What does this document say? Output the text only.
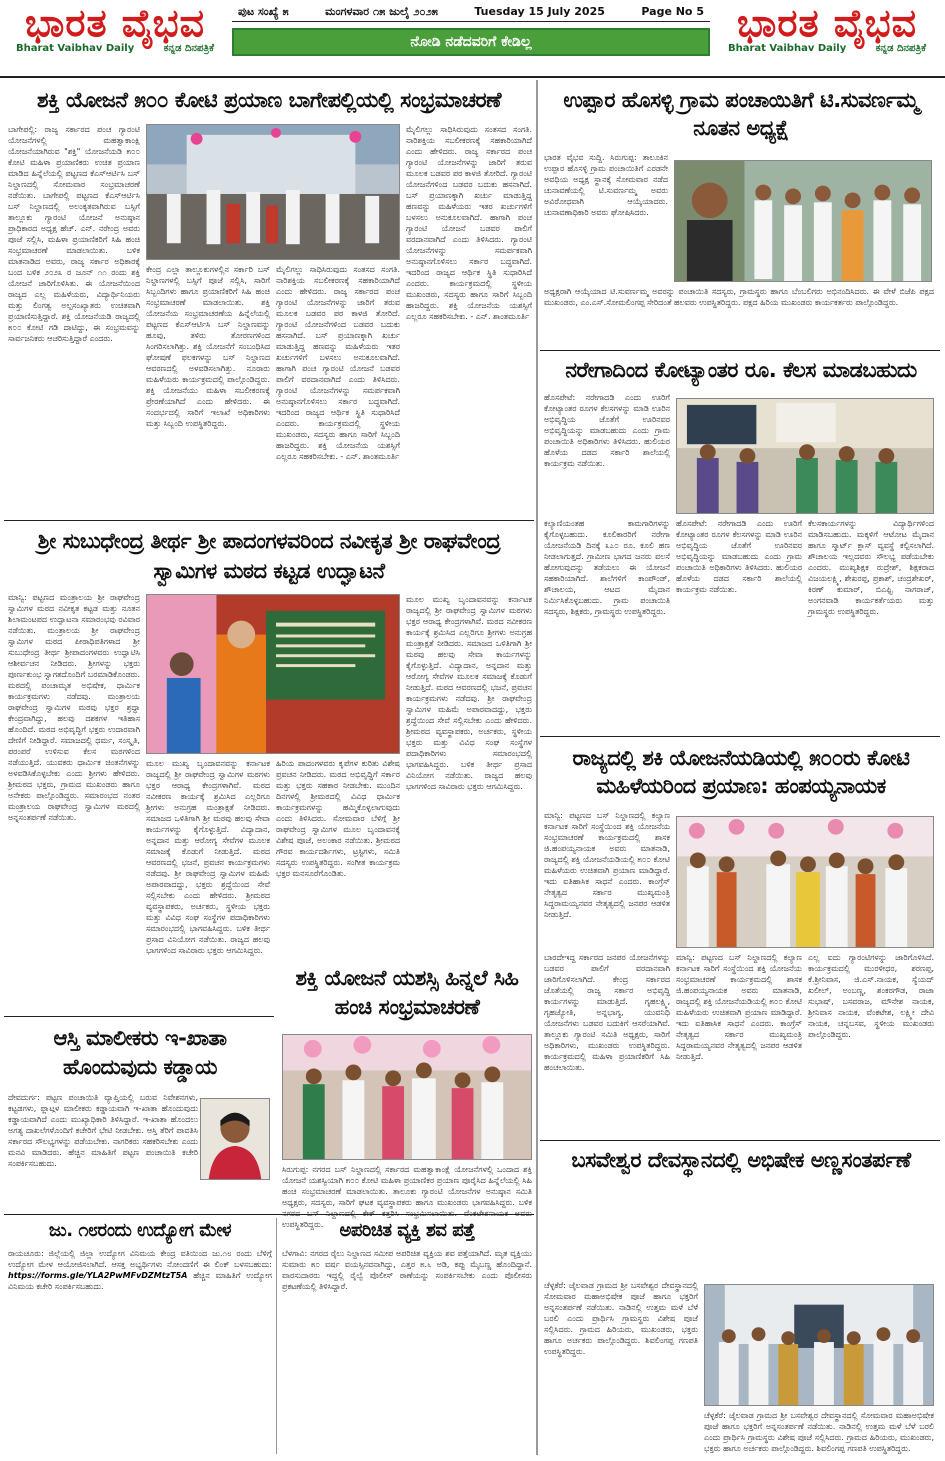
ಭಾರತ ವೈಭವ
Bharat Vaibhav Daily	ಕನ್ನಡ ದಿನಪತ್ರಿಕೆ
ಪುಟ ಸಂಖ್ಯೆ ೫	ಮಂಗಳವಾರ ೧೫ ಜುಲೈ ೨೦೨೫	Tuesday 15 July 2025	Page No 5
ನೋಡಿ ನಡೆದವರಿಗೆ ಕೇಡಿಲ್ಲ	ಭಾರತ ವೈಭವ
Bharat Vaibhav Daily	ಕನ್ನಡ ದಿನಪತ್ರಿಕೆ
ಶಕ್ತಿ ಯೋಜನೆ ೫೦೦ ಕೋಟಿ ಪ್ರಯಾಣ ಬಾಗೇಪಲ್ಲಿಯಲ್ಲಿ ಸಂಭ್ರಮಾಚರಣೆ
ಬಾಗೇಪಲ್ಲಿ: ರಾಜ್ಯ ಸರ್ಕಾರದ ಪಂಚ ಗ್ಯಾರಂಟಿ ಯೋಜನೆಗಳಲ್ಲಿ ಮಹತ್ವಾಕಾಂಕ್ಷಿ ಯೋಜನೆಯಾಗಿರುವ "ಶಕ್ತಿ" ಯೋಜನೆಯಡಿ ೫೦೦ ಕೋಟಿ ಮಹಿಳಾ ಪ್ರಯಾಣಿಕರು ಉಚಿತ ಪ್ರಯಾಣ ಮಾಡಿದ ಹಿನ್ನೆಲೆಯಲ್ಲಿ ಪಟ್ಟಣದ ಕೆಎಸ್ಆರ್ಟಿಸಿ ಬಸ್ ನಿಲ್ದಾಣದಲ್ಲಿ ಸೋಮವಾರ ಸಂಭ್ರಮಾಚರಣೆ ನಡೆಯಿತು. ಬಾಗೇಪಲ್ಲಿ ಪಟ್ಟಣದ ಕೆಎಸ್ಆರ್ಟಿಸಿ ಬಸ್ ನಿಲ್ದಾಣದಲ್ಲಿ ಅಲಂಕೃತವಾಗಿರುವ ಬಸ್ಸಿಗೆ ತಾಲ್ಲೂಕು ಗ್ಯಾರಂಟಿ ಯೋಜನೆ ಅನುಷ್ಠಾನ ಪ್ರಾಧಿಕಾರದ ಅಧ್ಯಕ್ಷ ಹೆಚ್. ಎನ್. ನರೇಂದ್ರ ಅವರು ಪೂಜೆ ಸಲ್ಲಿಸಿ, ಮಹಿಳಾ ಪ್ರಯಾಣಿಕರಿಗೆ ಸಿಹಿ ಹಂಚಿ ಸಂಭ್ರಮಾಚರಣೆ ಮಾಡಲಾಯಿತು. ಬಳಿಕ ಮಾತನಾಡಿದ ಅವರು, ರಾಜ್ಯ ಸರ್ಕಾರ ಅಧಿಕಾರಕ್ಕೆ ಬಂದ ಬಳಿಕ ೨೦೨೩ ರ ಜೂನ್ ೧೧ ರಂದು ಶಕ್ತಿ ಯೋಜನೆ ಜಾರಿಗೊಳಿಸಿತು. ಈ ಯೋಜನೆಯಿಂದ ರಾಜ್ಯದ ಎಲ್ಲ ಮಹಿಳೆಯರು, ವಿದ್ಯಾರ್ಥಿನಿಯರು ಮತ್ತು ಲಿಂಗತ್ವ ಅಲ್ಪಸಂಖ್ಯಾತರು ಉಚಿತವಾಗಿ ಪ್ರಯಾಣಿಸುತ್ತಿದ್ದಾರೆ. ಶಕ್ತಿ ಯೋಜನೆಯಡಿ ರಾಜ್ಯದಲ್ಲಿ ೫೦೦ ಕೋಟಿ ಗಡಿ ದಾಟಿದ್ದು, ಈ ಸಂಭ್ರಮವನ್ನು ಸಾರ್ವಜನಿಕರು ಆಚರಿಸುತ್ತಿದ್ದಾರೆ ಎಂದರು.
ಕೇಂದ್ರ ಎಲ್ಲಾ ತಾಲ್ಲೂಕುಗಳಲ್ಲಿನ ಸರ್ಕಾರಿ ಬಸ್ ನಿಲ್ದಾಣಗಳಲ್ಲಿ ಬಸ್ಸಿಗೆ ಪೂಜೆ ಸಲ್ಲಿಸಿ, ಸಾರಿಗೆ ಸಿಬ್ಬಂದಿಗಳು ಹಾಗೂ ಪ್ರಯಾಣಿಕರಿಗೆ ಸಿಹಿ ಹಂಚಿ ಸಂಭ್ರಮಾಚರಣೆ ಮಾಡಲಾಯಿತು. ಶಕ್ತಿ ಯೋಜನೆಯ ಸಂಭ್ರಮಾಚರಣೆಯ ಹಿನ್ನೆಲೆಯಲ್ಲಿ ಪಟ್ಟಣದ ಕೆಎಸ್ಆರ್ಟಿಸಿ ಬಸ್ ನಿಲ್ದಾಣವನ್ನು ಹೂವು, ತಳಿರು ತೋರಣಗಳಿಂದ ಸಿಂಗರಿಸಲಾಗಿತ್ತು. ಶಕ್ತಿ ಯೋಜನೆಗೆ ಸಂಬಂಧಿಸಿದ ಘೋಷಣೆ ಫಲಕಗಳನ್ನು ಬಸ್ ನಿಲ್ದಾಣದ ಆವರಣದಲ್ಲಿ ಅಳವಡಿಸಲಾಗಿತ್ತು. ನೂರಾರು ಮಹಿಳೆಯರು ಕಾರ್ಯಕ್ರಮದಲ್ಲಿ ಪಾಲ್ಗೊಂಡಿದ್ದರು. ಶಕ್ತಿ ಯೋಜನೆಯು ಮಹಿಳಾ ಸಬಲೀಕರಣಕ್ಕೆ ಪ್ರೇರಣೆಯಾಗಿದೆ ಎಂದು ಹೇಳಿದರು. ಈ ಸಂದರ್ಭದಲ್ಲಿ ಸಾರಿಗೆ ಇಲಾಖೆ ಅಧಿಕಾರಿಗಳು ಮತ್ತು ಸಿಬ್ಬಂದಿ ಉಪಸ್ಥಿತರಿದ್ದರು.
ಮೈಲಿಗಲ್ಲು ಸಾಧಿಸಿರುವುದು ಸಂತಸದ ಸಂಗತಿ. ನಾರಿಶಕ್ತಿಯ ಸಬಲೀಕರಣಕ್ಕೆ ಸಹಕಾರಿಯಾಗಿದೆ ಎಂದು ಹೇಳಿದರು. ರಾಜ್ಯ ಸರ್ಕಾರದ ಪಂಚ ಗ್ಯಾರಂಟಿ ಯೋಜನೆಗಳನ್ನು ಜಾರಿಗೆ ತರುವ ಮೂಲಕ ಬಡವರ ಪರ ಕಾಳಜಿ ತೋರಿದೆ. ಗ್ಯಾರಂಟಿ ಯೋಜನೆಗಳಿಂದ ಬಡವರ ಬದುಕು ಹಸನಾಗಿದೆ. ಬಸ್ ಪ್ರಯಾಣಕ್ಕಾಗಿ ಖರ್ಚು ಮಾಡುತ್ತಿದ್ದ ಹಣವನ್ನು ಮಹಿಳೆಯರು ಇತರ ಖರ್ಚುಗಳಿಗೆ ಬಳಸಲು ಅನುಕೂಲವಾಗಿದೆ. ಹಾಗಾಗಿ ಪಂಚ ಗ್ಯಾರಂಟಿ ಯೋಜನೆ ಬಡವರ ಪಾಲಿಗೆ ವರದಾನವಾಗಿದೆ ಎಂದು ತಿಳಿಸಿದರು. ಗ್ಯಾರಂಟಿ ಯೋಜನೆಗಳನ್ನು ಸಮರ್ಪಕವಾಗಿ ಅನುಷ್ಠಾನಗೊಳಿಸಲು ಸರ್ಕಾರ ಬದ್ಧವಾಗಿದೆ. ಇದರಿಂದ ರಾಜ್ಯದ ಆರ್ಥಿಕ ಸ್ಥಿತಿ ಸುಧಾರಿಸಿದೆ ಎಂದರು. ಕಾರ್ಯಕ್ರಮದಲ್ಲಿ ಸ್ಥಳೀಯ ಮುಖಂಡರು, ಸದಸ್ಯರು ಹಾಗೂ ಸಾರಿಗೆ ಸಿಬ್ಬಂದಿ ಹಾಜರಿದ್ದರು. ಶಕ್ತಿ ಯೋಜನೆಯ ಯಶಸ್ಸಿಗೆ ಎಲ್ಲರೂ ಸಹಕರಿಸಬೇಕು. - ಎನ್. ಶಾಂತಮೂರ್ತಿ
ಮೈಲಿಗಲ್ಲು ಸಾಧಿಸಿರುವುದು ಸಂತಸದ ಸಂಗತಿ. ನಾರಿಶಕ್ತಿಯ ಸಬಲೀಕರಣಕ್ಕೆ ಸಹಕಾರಿಯಾಗಿದೆ ಎಂದು ಹೇಳಿದರು. ರಾಜ್ಯ ಸರ್ಕಾರದ ಪಂಚ ಗ್ಯಾರಂಟಿ ಯೋಜನೆಗಳನ್ನು ಜಾರಿಗೆ ತರುವ ಮೂಲಕ ಬಡವರ ಪರ ಕಾಳಜಿ ತೋರಿದೆ. ಗ್ಯಾರಂಟಿ ಯೋಜನೆಗಳಿಂದ ಬಡವರ ಬದುಕು ಹಸನಾಗಿದೆ. ಬಸ್ ಪ್ರಯಾಣಕ್ಕಾಗಿ ಖರ್ಚು ಮಾಡುತ್ತಿದ್ದ ಹಣವನ್ನು ಮಹಿಳೆಯರು ಇತರ ಖರ್ಚುಗಳಿಗೆ ಬಳಸಲು ಅನುಕೂಲವಾಗಿದೆ. ಹಾಗಾಗಿ ಪಂಚ ಗ್ಯಾರಂಟಿ ಯೋಜನೆ ಬಡವರ ಪಾಲಿಗೆ ವರದಾನವಾಗಿದೆ ಎಂದು ತಿಳಿಸಿದರು. ಗ್ಯಾರಂಟಿ ಯೋಜನೆಗಳನ್ನು ಸಮರ್ಪಕವಾಗಿ ಅನುಷ್ಠಾನಗೊಳಿಸಲು ಸರ್ಕಾರ ಬದ್ಧವಾಗಿದೆ. ಇದರಿಂದ ರಾಜ್ಯದ ಆರ್ಥಿಕ ಸ್ಥಿತಿ ಸುಧಾರಿಸಿದೆ ಎಂದರು. ಕಾರ್ಯಕ್ರಮದಲ್ಲಿ ಸ್ಥಳೀಯ ಮುಖಂಡರು, ಸದಸ್ಯರು ಹಾಗೂ ಸಾರಿಗೆ ಸಿಬ್ಬಂದಿ ಹಾಜರಿದ್ದರು. ಶಕ್ತಿ ಯೋಜನೆಯ ಯಶಸ್ಸಿಗೆ ಎಲ್ಲರೂ ಸಹಕರಿಸಬೇಕು. - ಎನ್. ಶಾಂತಮೂರ್ತಿ
ಉಪ್ಪಾರ ಹೊಸಳ್ಳಿ ಗ್ರಾಮ ಪಂಚಾಯಿತಿಗೆ ಟಿ.ಸುವರ್ಣಮ್ಮ ನೂತನ ಅಧ್ಯಕ್ಷೆ
ಭಾರತ ವೈಭವ ಸುದ್ದಿ. ಸಿರುಗುಪ್ಪ: ತಾಲೂಕಿನ ಉಪ್ಪಾರ ಹೊಸಳ್ಳಿ ಗ್ರಾಮ ಪಂಚಾಯಿತಿಗೆ ಎರಡನೇ ಅವಧಿಯ ಅಧ್ಯಕ್ಷ ಸ್ಥಾನಕ್ಕೆ ಸೋಮವಾರ ನಡೆದ ಚುನಾವಣೆಯಲ್ಲಿ ಟಿ.ಸುವರ್ಣಮ್ಮ ಅವರು ಅವಿರೋಧವಾಗಿ ಆಯ್ಕೆಯಾದರು. ಚುನಾವಣಾಧಿಕಾರಿ ಅವರು ಘೋಷಿಸಿದರು.
ಅಧ್ಯಕ್ಷರಾಗಿ ಆಯ್ಕೆಯಾದ ಟಿ.ಸುವರ್ಣಮ್ಮ ಅವರನ್ನು ಪಂಚಾಯಿತಿ ಸದಸ್ಯರು, ಗ್ರಾಮಸ್ಥರು ಹಾಗೂ ಬೆಂಬಲಿಗರು ಅಭಿನಂದಿಸಿದರು. ಈ ವೇಳೆ ಬಿಜೆಪಿ ಪಕ್ಷದ ಮುಖಂಡರು, ಎಂ.ಎಸ್.ಸೋಮಲಿಂಗಪ್ಪ ಸೇರಿದಂತೆ ಹಲವರು ಉಪಸ್ಥಿತರಿದ್ದರು. ಪಕ್ಷದ ಹಿರಿಯ ಮುಖಂಡರು ಕಾರ್ಯಕರ್ತರು ಪಾಲ್ಗೊಂಡಿದ್ದರು.
ನರೇಗಾದಿಂದ ಕೋಟ್ಯಾಂತರ ರೂ. ಕೆಲಸ ಮಾಡಬಹುದು
ಹೊಸಪೇಟೆ: ನರೇಗಾದಡಿ ಎಂದು ಊರಿಗೆ ಕೋಟ್ಯಾಂತರ ರೂಗಳ ಕೆಲಸಗಳನ್ನು ಮಾಡಿ ಊರಿನ ಅಭಿವೃದ್ಧಿಯ ಜೊತೆಗೆ ಊರಿನವರ ಅಭಿವೃದ್ಧಿಯನ್ನು ಮಾಡಬಹುದು ಎಂದು ಗ್ರಾಮ ಪಂಚಾಯಿತಿ ಅಧಿಕಾರಿಗಳು ತಿಳಿಸಿದರು. ಹುಲಿಯರ ಹೊಳೆಯ ದಡದ ಸರ್ಕಾರಿ ಶಾಲೆಯಲ್ಲಿ ಕಾರ್ಯಕ್ರಮ ನಡೆಯಿತು.
ಕಲ್ಯಾಣಿಯಂತಹ ಕಾಮಗಾರಿಗಳನ್ನು ಕೈಗೊಳ್ಳಬಹುದು. ಕೂಲಿಕಾರರಿಗೆ ನರೇಗಾ ಯೋಜನೆಯಡಿ ದಿನಕ್ಕೆ ೩೭೦ ರೂ. ಕೂಲಿ ಹಣ ನೀಡಲಾಗುತ್ತದೆ. ಗ್ರಾಮೀಣ ಭಾಗದ ಜನರು ವಲಸೆ ಹೋಗುವುದನ್ನು ತಡೆಯಲು ಈ ಯೋಜನೆ ಸಹಕಾರಿಯಾಗಿದೆ. ಶಾಲೆಗಳಿಗೆ ಕಾಂಪೌಂಡ್, ಶೌಚಾಲಯ, ಆಟದ ಮೈದಾನ ನಿರ್ಮಿಸಿಕೊಳ್ಳಬಹುದು. ಗ್ರಾಮ ಪಂಚಾಯಿತಿ ಸದಸ್ಯರು, ಶಿಕ್ಷಕರು, ಗ್ರಾಮಸ್ಥರು ಉಪಸ್ಥಿತರಿದ್ದರು.
ಹೊಸಪೇಟೆ: ನರೇಗಾದಡಿ ಎಂದು ಊರಿಗೆ ಕೋಟ್ಯಾಂತರ ರೂಗಳ ಕೆಲಸಗಳನ್ನು ಮಾಡಿ ಊರಿನ ಅಭಿವೃದ್ಧಿಯ ಜೊತೆಗೆ ಊರಿನವರ ಅಭಿವೃದ್ಧಿಯನ್ನು ಮಾಡಬಹುದು ಎಂದು ಗ್ರಾಮ ಪಂಚಾಯಿತಿ ಅಧಿಕಾರಿಗಳು ತಿಳಿಸಿದರು. ಹುಲಿಯರ ಹೊಳೆಯ ದಡದ ಸರ್ಕಾರಿ ಶಾಲೆಯಲ್ಲಿ ಕಾರ್ಯಕ್ರಮ ನಡೆಯಿತು.
ಕೆಲಸಕಾರ್ಯಗಳನ್ನು ವಿದ್ಯಾರ್ಥಿಗಳಿಂದ ಮಾಡಿಸಬಹುದು. ಮಕ್ಕಳಿಗೆ ಆಟೋಟ ಮೈದಾನ ಹಾಗೂ ಸ್ಮಾರ್ಟ್ ಕ್ಲಾಸ್ ವ್ಯವಸ್ಥೆ ಕಲ್ಪಿಸಲಾಗಿದೆ. ಶೌಚಾಲಯ ಇಲ್ಲದವರು ಸೌಲಭ್ಯ ಪಡೆಯಬೇಕು ಎಂದರು. ಮುಖ್ಯಶಿಕ್ಷಕ ರುದ್ರೇಶ್, ಶಿಕ್ಷಕರಾದ ವಿಜಯಲಕ್ಷ್ಮಿ, ಶೇಖರಪ್ಪ, ಪ್ರಕಾಶ್, ಚಂದ್ರಶೇಖರ್, ಕಿರಣ್ ಕುಮಾರ್, ಬಿಎಫ್ಟಿ ನಾಗರಾಜ್, ಅಂಗನವಾಡಿ ಕಾರ್ಯಕರ್ತೆಯರು ಮತ್ತು ಗ್ರಾಮಸ್ಥರು ಉಪಸ್ಥಿತರಿದ್ದರು.
ಶ್ರೀ ಸುಬುಧೇಂದ್ರ ತೀರ್ಥ ಶ್ರೀ ಪಾದಂಗಳವರಿಂದ ನವೀಕೃತ ಶ್ರೀ ರಾಘವೇಂದ್ರ ಸ್ವಾಮಿಗಳ ಮಠದ ಕಟ್ಟಡ ಉದ್ಘಾಟನೆ
ಮಾನ್ವಿ: ಪಟ್ಟಣದ ಮಂತ್ರಾಲಯ ಶ್ರೀ ರಾಘವೇಂದ್ರ ಸ್ವಾಮಿಗಳ ಮಠದ ನವೀಕೃತ ಕಟ್ಟಡ ಮತ್ತು ನೂತನ ಶಿಲಾಮಂಟಪದ ಉದ್ಘಾಟನಾ ಸಮಾರಂಭವು ರವಿವಾರ ನಡೆಯಿತು. ಮಂತ್ರಾಲಯ ಶ್ರೀ ರಾಘವೇಂದ್ರ ಸ್ವಾಮಿಗಳ ಮಠದ ಪೀಠಾಧಿಪತಿಗಳಾದ ಶ್ರೀ ಸುಬುಧೇಂದ್ರ ತೀರ್ಥ ಶ್ರೀಪಾದಂಗಳವರು ಉದ್ಘಾಟಿಸಿ ಆಶೀರ್ವಚನ ನೀಡಿದರು. ಶ್ರೀಗಳನ್ನು ಭಕ್ತರು ಪೂರ್ಣಕುಂಭ ಸ್ವಾಗತದೊಂದಿಗೆ ಬರಮಾಡಿಕೊಂಡರು. ಮಠದಲ್ಲಿ ಪಂಚಾಮೃತ ಅಭಿಷೇಕ, ಧಾರ್ಮಿಕ ಕಾರ್ಯಕ್ರಮಗಳು ನಡೆದವು. ಮಂತ್ರಾಲಯ ರಾಘವೇಂದ್ರ ಸ್ವಾಮಿಗಳ ಮಠವು ಭಕ್ತರ ಶ್ರದ್ಧಾ ಕೇಂದ್ರವಾಗಿದ್ದು, ಹಲವು ದಶಕಗಳ ಇತಿಹಾಸ ಹೊಂದಿದೆ. ಮಠದ ಅಭಿವೃದ್ಧಿಗೆ ಭಕ್ತರು ಉದಾರವಾಗಿ ದೇಣಿಗೆ ನೀಡಿದ್ದಾರೆ. ಸಮಾಜದಲ್ಲಿ ಧರ್ಮ, ಸಂಸ್ಕೃತಿ, ಪರಂಪರೆ ಉಳಿಸುವ ಕೆಲಸ ಮಠಗಳಿಂದ ನಡೆಯುತ್ತಿದೆ. ಯುವಕರು ಧಾರ್ಮಿಕ ಚಿಂತನೆಗಳನ್ನು ಅಳವಡಿಸಿಕೊಳ್ಳಬೇಕು ಎಂದು ಶ್ರೀಗಳು ಹೇಳಿದರು. ಶ್ರೀಮಠದ ಭಕ್ತರು, ಗ್ರಾಮದ ಮುಖಂಡರು ಹಾಗೂ ಅನೇಕರು ಪಾಲ್ಗೊಂಡಿದ್ದರು. ಸಮಾರಂಭದ ನಂತರ ಮಂತ್ರಾಲಯ ರಾಘವೇಂದ್ರ ಸ್ವಾಮಿಗಳ ಮಠದಲ್ಲಿ ಅನ್ನಸಂತರ್ಪಣೆ ನಡೆಯಿತು.
ಮೂಲ ಮುಖ್ಯ ಬೃಂದಾವನವನ್ನು ಕರ್ನಾಟಕ ರಾಜ್ಯದಲ್ಲಿ ಶ್ರೀ ರಾಘವೇಂದ್ರ ಸ್ವಾಮಿಗಳ ಮಠಗಳು ಭಕ್ತರ ಆರಾಧ್ಯ ಕೇಂದ್ರಗಳಾಗಿವೆ. ಮಠದ ನವೀಕರಣ ಕಾರ್ಯಕ್ಕೆ ಶ್ರಮಿಸಿದ ಎಲ್ಲರಿಗೂ ಶ್ರೀಗಳು ಅನುಗ್ರಹ ಮಂತ್ರಾಕ್ಷತೆ ನೀಡಿದರು. ಸಮಾಜದ ಒಳಿತಿಗಾಗಿ ಶ್ರೀ ಮಠವು ಹಲವು ಸೇವಾ ಕಾರ್ಯಗಳನ್ನು ಕೈಗೊಳ್ಳುತ್ತಿದೆ. ವಿದ್ಯಾದಾನ, ಅನ್ನದಾನ ಮತ್ತು ಆರೋಗ್ಯ ಸೇವೆಗಳ ಮೂಲಕ ಸಮಾಜಕ್ಕೆ ಕೊಡುಗೆ ನೀಡುತ್ತಿದೆ. ಮಠದ ಆವರಣದಲ್ಲಿ ಭಜನೆ, ಪ್ರವಚನ ಕಾರ್ಯಕ್ರಮಗಳು ನಡೆದವು. ಶ್ರೀ ರಾಘವೇಂದ್ರ ಸ್ವಾಮಿಗಳ ಮಹಿಮೆ ಅಪಾರವಾದದ್ದು, ಭಕ್ತರು ಶ್ರದ್ಧೆಯಿಂದ ಸೇವೆ ಸಲ್ಲಿಸಬೇಕು ಎಂದು ಹೇಳಿದರು. ಶ್ರೀಮಠದ ವ್ಯವಸ್ಥಾಪಕರು, ಅರ್ಚಕರು, ಸ್ಥಳೀಯ ಭಕ್ತರು ಮತ್ತು ವಿವಿಧ ಸಂಘ ಸಂಸ್ಥೆಗಳ ಪದಾಧಿಕಾರಿಗಳು ಸಮಾರಂಭದಲ್ಲಿ ಭಾಗವಹಿಸಿದ್ದರು. ಬಳಿಕ ತೀರ್ಥ ಪ್ರಸಾದ ವಿನಿಯೋಗ ನಡೆಯಿತು. ರಾಜ್ಯದ ಹಲವು ಭಾಗಗಳಿಂದ ಸಾವಿರಾರು ಭಕ್ತರು ಆಗಮಿಸಿದ್ದರು.
ಹಿರಿಯ ಪಾದಂಗಳವರು ಕೃಪೆಗಳ ಕುರಿತು ವಿಶೇಷ ಪ್ರವಚನ ನೀಡಿದರು. ಮಠದ ಅಭಿವೃದ್ಧಿಗೆ ಸರ್ಕಾರ ಮತ್ತು ಭಕ್ತರು ಸಹಕಾರ ನೀಡಬೇಕು. ಮುಂದಿನ ದಿನಗಳಲ್ಲಿ ಶ್ರೀಮಠದಲ್ಲಿ ವಿವಿಧ ಧಾರ್ಮಿಕ ಕಾರ್ಯಕ್ರಮಗಳನ್ನು ಹಮ್ಮಿಕೊಳ್ಳಲಾಗುವುದು ಎಂದು ತಿಳಿಸಿದರು. ಸೋಮವಾರ ಬೆಳಿಗ್ಗೆ ಶ್ರೀ ರಾಘವೇಂದ್ರ ಸ್ವಾಮಿಗಳ ಮೂಲ ಬೃಂದಾವನಕ್ಕೆ ವಿಶೇಷ ಪೂಜೆ, ಅಲಂಕಾರ ನಡೆಯಿತು. ಶ್ರೀಮಠದ ಗೌರವ ಕಾರ್ಯದರ್ಶಿಗಳು, ಟ್ರಸ್ಟಿಗಳು, ಸಮಿತಿ ಸದಸ್ಯರು ಉಪಸ್ಥಿತರಿದ್ದರು. ಸಂಗೀತ ಕಾರ್ಯಕ್ರಮ ಭಕ್ತರ ಮನಸೂರೆಗೊಂಡಿತು.
ಮೂಲ ಮುಖ್ಯ ಬೃಂದಾವನವನ್ನು ಕರ್ನಾಟಕ ರಾಜ್ಯದಲ್ಲಿ ಶ್ರೀ ರಾಘವೇಂದ್ರ ಸ್ವಾಮಿಗಳ ಮಠಗಳು ಭಕ್ತರ ಆರಾಧ್ಯ ಕೇಂದ್ರಗಳಾಗಿವೆ. ಮಠದ ನವೀಕರಣ ಕಾರ್ಯಕ್ಕೆ ಶ್ರಮಿಸಿದ ಎಲ್ಲರಿಗೂ ಶ್ರೀಗಳು ಅನುಗ್ರಹ ಮಂತ್ರಾಕ್ಷತೆ ನೀಡಿದರು. ಸಮಾಜದ ಒಳಿತಿಗಾಗಿ ಶ್ರೀ ಮಠವು ಹಲವು ಸೇವಾ ಕಾರ್ಯಗಳನ್ನು ಕೈಗೊಳ್ಳುತ್ತಿದೆ. ವಿದ್ಯಾದಾನ, ಅನ್ನದಾನ ಮತ್ತು ಆರೋಗ್ಯ ಸೇವೆಗಳ ಮೂಲಕ ಸಮಾಜಕ್ಕೆ ಕೊಡುಗೆ ನೀಡುತ್ತಿದೆ. ಮಠದ ಆವರಣದಲ್ಲಿ ಭಜನೆ, ಪ್ರವಚನ ಕಾರ್ಯಕ್ರಮಗಳು ನಡೆದವು. ಶ್ರೀ ರಾಘವೇಂದ್ರ ಸ್ವಾಮಿಗಳ ಮಹಿಮೆ ಅಪಾರವಾದದ್ದು, ಭಕ್ತರು ಶ್ರದ್ಧೆಯಿಂದ ಸೇವೆ ಸಲ್ಲಿಸಬೇಕು ಎಂದು ಹೇಳಿದರು. ಶ್ರೀಮಠದ ವ್ಯವಸ್ಥಾಪಕರು, ಅರ್ಚಕರು, ಸ್ಥಳೀಯ ಭಕ್ತರು ಮತ್ತು ವಿವಿಧ ಸಂಘ ಸಂಸ್ಥೆಗಳ ಪದಾಧಿಕಾರಿಗಳು ಸಮಾರಂಭದಲ್ಲಿ ಭಾಗವಹಿಸಿದ್ದರು. ಬಳಿಕ ತೀರ್ಥ ಪ್ರಸಾದ ವಿನಿಯೋಗ ನಡೆಯಿತು. ರಾಜ್ಯದ ಹಲವು ಭಾಗಗಳಿಂದ ಸಾವಿರಾರು ಭಕ್ತರು ಆಗಮಿಸಿದ್ದರು.
ರಾಜ್ಯದಲ್ಲಿ ಶಕಿ ಯೋಜನೆಯಡಿಯಲ್ಲಿ ೫೦೦ರು ಕೋಟಿ ಮಹಿಳೆಯರಿಂದ ಪ್ರಯಾಣ: ಹಂಪಯ್ಯನಾಯಕ
ಮಾನ್ವಿ: ಪಟ್ಟಣದ ಬಸ್ ನಿಲ್ದಾಣದಲ್ಲಿ ಕಲ್ಯಾಣ ಕರ್ನಾಟಕ ಸಾರಿಗೆ ಸಂಸ್ಥೆಯಿಂದ ಶಕ್ತಿ ಯೋಜನೆಯ ಸಂಭ್ರಮಾಚರಣೆ ಕಾರ್ಯಕ್ರಮದಲ್ಲಿ ಶಾಸಕ ಜಿ.ಹಂಪಯ್ಯನಾಯಕ ಅವರು ಮಾತನಾಡಿ, ರಾಜ್ಯದಲ್ಲಿ ಶಕ್ತಿ ಯೋಜನೆಯಡಿಯಲ್ಲಿ ೫೦೦ ಕೋಟಿ ಮಹಿಳೆಯರು ಉಚಿತವಾಗಿ ಪ್ರಯಾಣ ಮಾಡಿದ್ದಾರೆ. ಇದು ಐತಿಹಾಸಿಕ ಸಾಧನೆ ಎಂದರು. ಕಾಂಗ್ರೆಸ್ ನೇತೃತ್ವದ ಸರ್ಕಾರ ಮುಖ್ಯಮಂತ್ರಿ ಸಿದ್ದರಾಮಯ್ಯನವರ ನೇತೃತ್ವದಲ್ಲಿ ಜನಪರ ಆಡಳಿತ ನೀಡುತ್ತಿದೆ.
ಬಾರದೇಇದ್ದ ಸರ್ಕಾರದ ಜನಪರ ಯೋಜನೆಗಳನ್ನು ಬಡವರ ಪಾಲಿಗೆ ವರದಾನವಾಗಿ ಜಾರಿಗೊಳಿಸಲಾಗಿದೆ. ಕೇಂದ್ರ ಸರ್ಕಾರದ ಜೊತೆಯಲ್ಲಿ ರಾಜ್ಯ ಸರ್ಕಾರ ಅಭಿವೃದ್ಧಿ ಕಾರ್ಯಗಳನ್ನು ಮಾಡುತ್ತಿದೆ. ಗೃಹಲಕ್ಷ್ಮಿ, ಗೃಹಜ್ಯೋತಿ, ಅನ್ನಭಾಗ್ಯ, ಯುವನಿಧಿ ಯೋಜನೆಗಳು ಬಡವರ ಬದುಕಿಗೆ ಆಸರೆಯಾಗಿವೆ. ತಾಲ್ಲೂಕು ಗ್ಯಾರಂಟಿ ಸಮಿತಿ ಅಧ್ಯಕ್ಷರು, ಸಾರಿಗೆ ಅಧಿಕಾರಿಗಳು, ಮುಖಂಡರು ಉಪಸ್ಥಿತರಿದ್ದರು. ಕಾರ್ಯಕ್ರಮದಲ್ಲಿ ಮಹಿಳಾ ಪ್ರಯಾಣಿಕರಿಗೆ ಸಿಹಿ ಹಂಚಲಾಯಿತು.
ಮಾನ್ವಿ: ಪಟ್ಟಣದ ಬಸ್ ನಿಲ್ದಾಣದಲ್ಲಿ ಕಲ್ಯಾಣ ಕರ್ನಾಟಕ ಸಾರಿಗೆ ಸಂಸ್ಥೆಯಿಂದ ಶಕ್ತಿ ಯೋಜನೆಯ ಸಂಭ್ರಮಾಚರಣೆ ಕಾರ್ಯಕ್ರಮದಲ್ಲಿ ಶಾಸಕ ಜಿ.ಹಂಪಯ್ಯನಾಯಕ ಅವರು ಮಾತನಾಡಿ, ರಾಜ್ಯದಲ್ಲಿ ಶಕ್ತಿ ಯೋಜನೆಯಡಿಯಲ್ಲಿ ೫೦೦ ಕೋಟಿ ಮಹಿಳೆಯರು ಉಚಿತವಾಗಿ ಪ್ರಯಾಣ ಮಾಡಿದ್ದಾರೆ. ಇದು ಐತಿಹಾಸಿಕ ಸಾಧನೆ ಎಂದರು. ಕಾಂಗ್ರೆಸ್ ನೇತೃತ್ವದ ಸರ್ಕಾರ ಮುಖ್ಯಮಂತ್ರಿ ಸಿದ್ದರಾಮಯ್ಯನವರ ನೇತೃತ್ವದಲ್ಲಿ ಜನಪರ ಆಡಳಿತ ನೀಡುತ್ತಿದೆ.
ಎಲ್ಲ ಐದು ಗ್ಯಾರಂಟಿಗಳನ್ನು ಜಾರಿಗೊಳಿಸಿದೆ. ಕಾರ್ಯಕ್ರಮದಲ್ಲಿ ಮುರಳೀಧರ, ಶರಣಪ್ಪ, ಕೆ.ಶ್ರೀನಿವಾಸ, ಜಿ.ಎಸ್.ನಾಯಕ, ಸ್ಯೆಯದ್ ಖಲೀಲ್, ಅಂಬಣ್ಣ, ಶಂಕರಗೌಡ, ರಾಜಾ ಸುಭಾಷ್, ಬಸವರಾಜ, ಮೌನೇಶ ನಾಯಕ, ಶ್ರೀನಿವಾಸ ನಾಯಕ, ವೆಂಕಟೇಶ, ಲಕ್ಷ್ಮೀ ದೇವಿ ನಾಯಕ, ಚನ್ನಬಸವ, ಸ್ಥಳೀಯ ಮುಖಂಡರು ಪಾಲ್ಗೊಂಡಿದ್ದರು.
ಶಕ್ತಿ ಯೋಜನೆ ಯಶಸ್ಸಿ ಹಿನ್ನಲೆ ಸಿಹಿ ಹಂಚಿ ಸಂಭ್ರಮಾಚರಣೆ
ಸಿರುಗುಪ್ಪ: ನಗರದ ಬಸ್ ನಿಲ್ದಾಣದಲ್ಲಿ ಸರ್ಕಾರದ ಮಹತ್ವಾಕಾಂಕ್ಷೆ ಯೋಜನೆಗಳಲ್ಲಿ ಒಂದಾದ ಶಕ್ತಿ ಯೋಜನೆ ಯಶಸ್ವಿಯಾಗಿ ೫೦೦ ಕೋಟಿ ಮಹಿಳಾ ಪ್ರಯಾಣಿಕರ ಪ್ರಯಾಣ ಪೂರೈಸಿದ ಹಿನ್ನೆಲೆಯಲ್ಲಿ ಸಿಹಿ ಹಂಚಿ ಸಂಭ್ರಮಾಚರಣೆ ಮಾಡಲಾಯಿತು. ತಾಲೂಕು ಗ್ಯಾರಂಟಿ ಯೋಜನೆಗಳ ಅನುಷ್ಠಾನ ಸಮಿತಿ ಅಧ್ಯಕ್ಷರು, ಸದಸ್ಯರು, ಸಾರಿಗೆ ಘಟಕ ವ್ಯವಸ್ಥಾಪಕರು ಹಾಗೂ ಮುಖಂಡರು ಭಾಗವಹಿಸಿದ್ದರು. ಬಳಿಕ ಉಪಸ್ಥಿತರಿದ್ದರು.
ಆಸ್ತಿ ಮಾಲೀಕರು ಇ-ಖಾತಾ ಹೊಂದುವುದು ಕಡ್ಡಾಯ
ದೇವದುರ್ಗ: ಪಟ್ಟಣ ಪಂಚಾಯಿತಿ ವ್ಯಾಪ್ತಿಯಲ್ಲಿ ಬರುವ ನಿವೇಶನಗಳು, ಕಟ್ಟಡಗಳು, ಫ್ಲಾಟ್ಗಳ ಮಾಲೀಕರು ಕಡ್ಡಾಯವಾಗಿ ಇ-ಖಾತಾ ಹೊಂದುವುದು ಕಡ್ಡಾಯವಾಗಿದೆ ಎಂದು ಮುಖ್ಯಾಧಿಕಾರಿ ತಿಳಿಸಿದ್ದಾರೆ. ಇ-ಖಾತಾ ಹೊಂದಲು ಅಗತ್ಯ ದಾಖಲೆಗಳೊಂದಿಗೆ ಕಚೇರಿಗೆ ಭೇಟಿ ನೀಡಬೇಕು. ಆಸ್ತಿ ತೆರಿಗೆ ಪಾವತಿಸಿ ಸರ್ಕಾರದ ಸೌಲಭ್ಯಗಳನ್ನು ಪಡೆಯಬೇಕು. ನಾಗರಿಕರು ಸಹಕರಿಸಬೇಕು ಎಂದು ಮನವಿ ಮಾಡಿದರು. ಹೆಚ್ಚಿನ ಮಾಹಿತಿಗೆ ಪಟ್ಟಣ ಪಂಚಾಯಿತಿ ಕಚೇರಿ ಸಂಪರ್ಕಿಸಬಹುದು.
ಜು. ೧೮ರಂದು ಉದ್ಯೋಗ ಮೇಳ
ರಾಯಚೂರು: ಜಿಲ್ಲೆಯಲ್ಲಿ ಜಿಲ್ಲಾ ಉದ್ಯೋಗ ವಿನಿಮಯ ಕೇಂದ್ರ ವತಿಯಿಂದ ಜು.೧೮ ರಂದು ಬೆಳಿಗ್ಗೆ ಉದ್ಯೋಗ ಮೇಳ ಆಯೋಜಿಸಲಾಗಿದೆ. ಆಸಕ್ತ ಅಭ್ಯರ್ಥಿಗಳು ನೋಂದಣಿಗೆ ಈ ಲಿಂಕ್ ಬಳಸಬಹುದು: https://forms.gle/YLA2PwMFvDZMtzT5A ಹೆಚ್ಚಿನ ಮಾಹಿತಿಗೆ ಉದ್ಯೋಗ ವಿನಿಮಯ ಕಚೇರಿ ಸಂಪರ್ಕಿಸಬಹುದು.
ಅಪರಿಚಿತ ವ್ಯಕ್ತಿ ಶವ ಪತ್ತೆ
ಬೆಳಗಾವಿ: ನಗರದ ರೈಲು ನಿಲ್ದಾಣದ ಸಮೀಪ ಅಪರಿಚಿತ ವ್ಯಕ್ತಿಯ ಶವ ಪತ್ತೆಯಾಗಿದೆ. ಮೃತ ವ್ಯಕ್ತಿಯು ಸುಮಾರು ೫೦ ವರ್ಷ ವಯಸ್ಸಿನವನಾಗಿದ್ದು, ಎತ್ತರ ೫.೬ ಅಡಿ, ಕಪ್ಪು ಮೈಬಣ್ಣ ಹೊಂದಿದ್ದಾನೆ. ವಾರಸುದಾರರು ಇದ್ದಲ್ಲಿ ರೈಲ್ವೆ ಪೊಲೀಸ್ ಠಾಣೆಯನ್ನು ಸಂಪರ್ಕಿಸಬೇಕು ಎಂದು ಪೊಲೀಸರು ಪ್ರಕಟಣೆಯಲ್ಲಿ ತಿಳಿಸಿದ್ದಾರೆ.
ಬಸವೇಶ್ವರ ದೇವಸ್ಥಾನದಲ್ಲಿ ಅಭಿಷೇಕ ಅಣ್ಣಸಂತರ್ಪಣೆ
ಚೆಳ್ಳಕೆರೆ: ಜೈಲವಾಡ ಗ್ರಾಮದ ಶ್ರೀ ಬಸವೇಶ್ವರ ದೇವಸ್ಥಾನದಲ್ಲಿ ಸೋಮವಾರ ಮಹಾಅಭಿಷೇಕ ಪೂಜೆ ಹಾಗೂ ಭಕ್ತರಿಗೆ ಅನ್ನಸಂತರ್ಪಣೆ ನಡೆಯಿತು. ನಾಡಿನಲ್ಲಿ ಉತ್ತಮ ಮಳೆ ಬೆಳೆ ಬರಲಿ ಎಂದು ಪ್ರಾರ್ಥಿಸಿ ಗ್ರಾಮಸ್ಥರು ವಿಶೇಷ ಪೂಜೆ ಸಲ್ಲಿಸಿದರು. ಗ್ರಾಮದ ಹಿರಿಯರು, ಮುಖಂಡರು, ಭಕ್ತರು ಹಾಗೂ ಅರ್ಚಕರು ಪಾಲ್ಗೊಂಡಿದ್ದರು. ಶಿವಲಿಂಗಪ್ಪ ಗಣಪತಿ ಉಪಸ್ಥಿತರಿದ್ದರು.
ಚೆಳ್ಳಕೆರೆ: ಜೈಲವಾಡ ಗ್ರಾಮದ ಶ್ರೀ ಬಸವೇಶ್ವರ ದೇವಸ್ಥಾನದಲ್ಲಿ ಸೋಮವಾರ ಮಹಾಅಭಿಷೇಕ ಪೂಜೆ ಹಾಗೂ ಭಕ್ತರಿಗೆ ಅನ್ನಸಂತರ್ಪಣೆ ನಡೆಯಿತು. ನಾಡಿನಲ್ಲಿ ಉತ್ತಮ ಮಳೆ ಬೆಳೆ ಬರಲಿ ಎಂದು ಪ್ರಾರ್ಥಿಸಿ ಗ್ರಾಮಸ್ಥರು ವಿಶೇಷ ಪೂಜೆ ಸಲ್ಲಿಸಿದರು. ಗ್ರಾಮದ ಹಿರಿಯರು, ಮುಖಂಡರು, ಭಕ್ತರು ಹಾಗೂ ಅರ್ಚಕರು ಪಾಲ್ಗೊಂಡಿದ್ದರು. ಶಿವಲಿಂಗಪ್ಪ ಗಣಪತಿ ಉಪಸ್ಥಿತರಿದ್ದರು.
